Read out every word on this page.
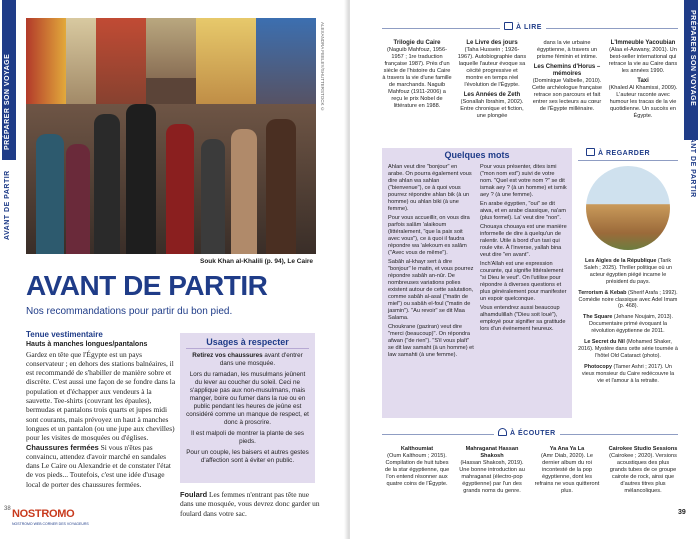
PRÉPARER SON VOYAGE
AVANT DE PARTIR
ALEXANDRA FEELEY/SHUTTERSTOCK ©
Souk Khan al-Khalili (p. 94), Le Caire
AVANT DE PARTIR
Nos recommandations pour partir du bon pied.
Tenue vestimentaire
Hauts à manches longues/pantalons

Gardez en tête que l'Égypte est un pays conservateur ; en dehors des stations balnéaires, il est recommandé de s'habiller de manière sobre et discrète. C'est aussi une façon de se fondre dans la population et d'échapper aux vendeurs à la sauvette. Tee-shirts (couvrant les épaules), bermudas et pantalons trois quarts et jupes midi sont courants, mais prévoyez un haut à manches longues et un pantalon (ou une jupe aux chevilles) pour les visites de mosquées ou d'églises.

Chaussures fermées Si vous n'êtes pas convaincu, attendez d'avoir marché en sandales dans Le Caire ou Alexandrie et de constater l'état de vos pieds... Toutefois, c'est une idée d'usage local de porter des chaussures fermées.

Usages à respecter

Retirez vos chaussures avant d'entrer dans une mosquée.

Lors du ramadan, les musulmans jeûnent du lever au coucher du soleil. Ceci ne s'applique pas aux non-musulmans, mais manger, boire ou fumer dans la rue ou en public pendant les heures de jeûne est considéré comme un manque de respect, et donc à proscrire.

Il est malpoli de montrer la plante de ses pieds.

Pour un couple, les baisers et autres gestes d'affection sont à éviter en public.

Foulard Les femmes n'entrant pas tête nue dans une mosquée, vous devrez donc garder un foulard dans votre sac.
38 NOSTROMO
NOSTROMO WEB CORNER DES VOYAGEURS
PRÉPARER SON VOYAGE
AVANT DE PARTIR
À LIRE
Trilogie du Caire
(Naguib Mahfouz, 1956-1957 ; 1re traduction française 1987). Près d'un siècle de l'histoire du Caire à travers la vie d'une famille de marchands. Naguib Mahfouz (1911-2006) a reçu le prix Nobel de littérature en 1988.
Le Livre des jours
(Taha Hussein ; 1926-1967). Autobiographie dans laquelle l'auteur évoque sa cécité progressive et montre en temps réel l'évolution de l'Égypte.
Les Années de Zeth
(Sonallah Ibrahim, 2002). Entre chronique et fiction, une plongée
dans la vie urbaine égyptienne, à travers un prisme féminin et intime.
Les Chemins d'Horus – mémoires
(Dominique Valbelle, 2010). Cette archéologue française retrace son parcours et fait entrer ses lecteurs au cœur de l'Égypte millénaire.
L'Immeuble Yacoubian
(Alaa el-Aswany, 2001). Un best-seller international qui retrace la vie au Caire dans les années 1990.
Taxi
(Khaled Al Khamissi, 2009). L'auteur raconte avec humour les tracas de la vie quotidienne. Un succès en Égypte.
Quelques mots

Ahlan veut dire "bonjour" en arabe. On pourra également vous dire ahlan wa sahlan ("bienvenue"), ce à quoi vous pourrez répondre ahlan bik (à un homme) ou ahlan biki (à une femme).

Pour vous accueillir, on vous dira parfois salâm 'alaikoum (littéralement, "que la paix soit avec vous"), ce à quoi il faudra répondre wa 'alekoum es salâm ("Avec vous de même").

Sabâh al-khayr sert à dire "bonjour" le matin, et vous pourrez répondre sabâh an-nûr. De nombreuses variations polies existent autour de cette salutation, comme sabâh al-asal ("matin de miel") ou sabâh el-foul ("matin de jasmin"). "Au revoir" se dit Maa Salama.

Choukrane (gaziran) veut dire "merci (beaucoup)". On répondra afwan ("de rien"). "S'il vous plaît" se dit law samaht (à un homme) et law samahti (à une femme).

Pour vous présenter, dites ismi ("mon nom est") suivi de votre nom. "Quel est votre nom ?" se dit ismak aey ? (à un homme) et ismik aey ? (à une femme).

En arabe égyptien, "oui" se dit aiwa, et en arabe classique, na'am (plus formel). La' veut dire "non".

Chouaya chouaya est une manière informelle de dire à quelqu'un de ralentir. Utile à bord d'un taxi qui roule vite. À l'inverse, yallah bina veut dire "en avant".

Inch'Allah est une expression courante, qui signifie littéralement "si Dieu le veut". On l'utilise pour répondre à diverses questions et plus généralement pour manifester un espoir quelconque.

Vous entendrez aussi beaucoup alhamdulillah ("Dieu soit loué"), employé pour signifier sa gratitude lors d'un événement heureux.

À REGARDER

Les Aigles de la République (Tarik Saleh ; 2025). Thriller politique où un acteur égyptien piégé incarne le président du pays.

Terrorism & Kebab (Sherif Arafa ; 1992). Comédie noire classique avec Adel Imam (p. 468).

The Square (Jehane Noujaim, 2013). Documentaire primé évoquant la révolution égyptienne de 2011.

Le Secret du Nil (Mohamed Shaker, 2016). Mystère dans cette série tournée à l'hôtel Old Cataract (photo).

Photocopy (Tamer Ashri ; 2017). Un vieux monsieur du Caire redécouvre la vie et l'amour à la retraite.

À ÉCOUTER
Kalthoumiat
(Oum Kalthoum ; 2015). Compilation de huit tubes de la star égyptienne, que l'on entend résonner aux quatre coins de l'Égypte.
Mahraganat Hassan Shakosh
(Hassan Shakosh, 2019). Une bonne introduction au mahraganat (électro-pop égyptienne) par l'un des grands noms du genre.
Ya Ana Ya La
(Amr Diab, 2020). Le dernier album du roi incontesté de la pop égyptienne, dont les refrains ne vous quitteront plus.
Cairokee Studio Sessions
(Cairokee ; 2020). Versions acoustiques des plus grands tubes de ce groupe cairote de rock, ainsi que d'autres titres plus mélancoliques.
39
